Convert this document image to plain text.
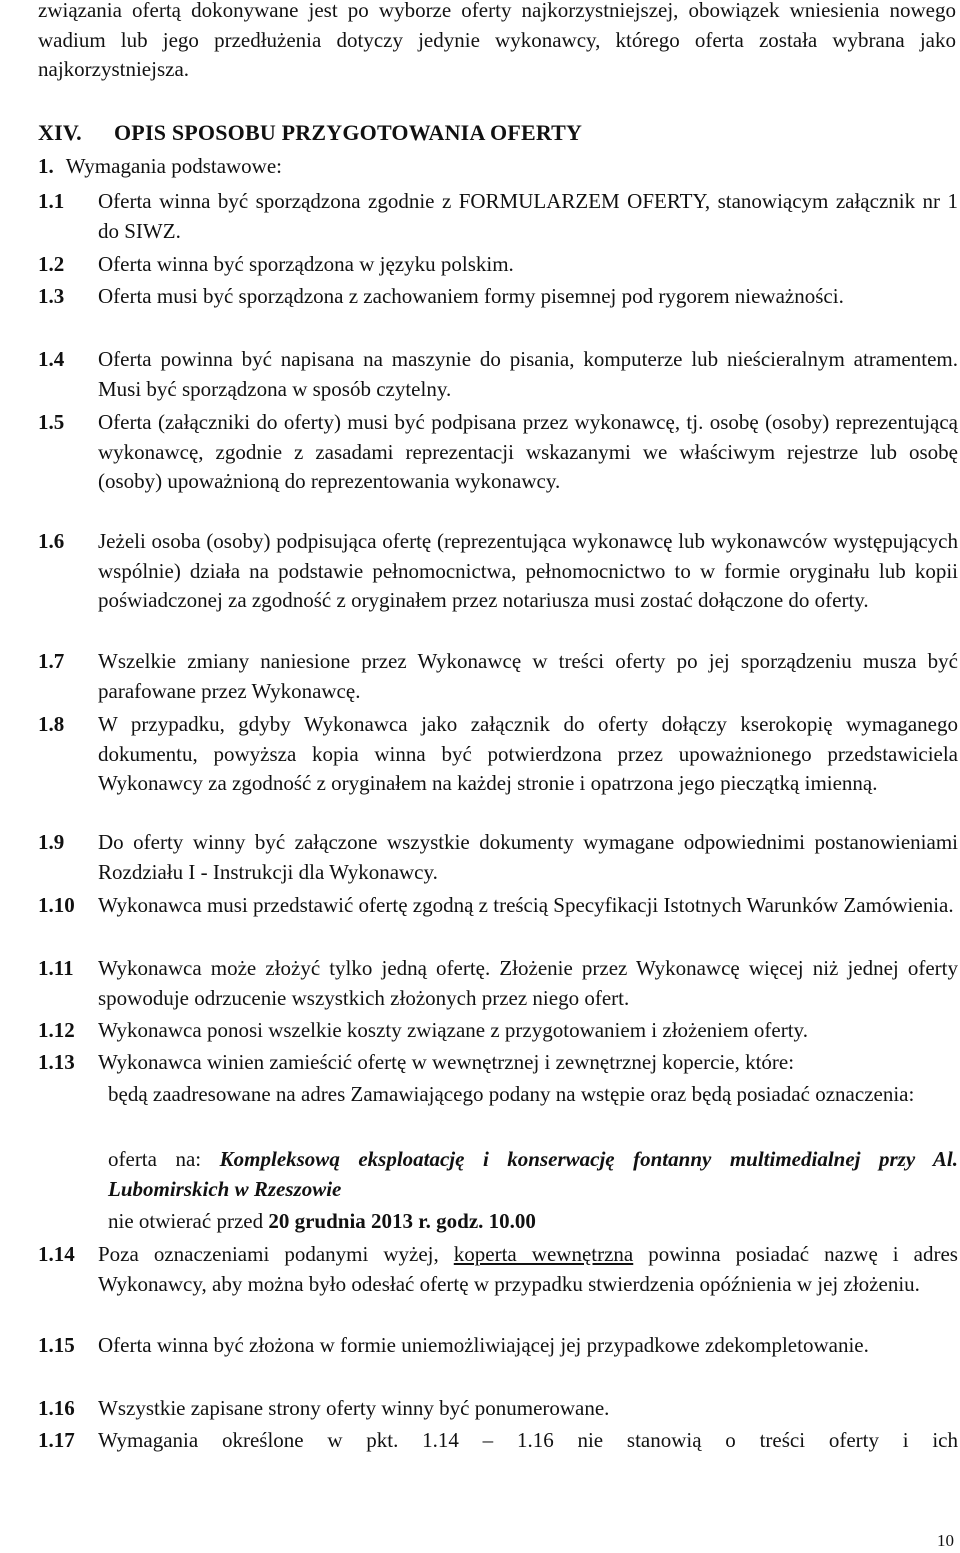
związania ofertą dokonywane jest po wyborze oferty najkorzystniejszej, obowiązek wniesienia nowego wadium lub jego przedłużenia dotyczy jedynie wykonawcy, którego oferta została wybrana jako najkorzystniejsza.
XIV. OPIS SPOSOBU PRZYGOTOWANIA OFERTY
1. Wymagania podstawowe:
1.1 Oferta winna być sporządzona zgodnie z FORMULARZEM OFERTY, stanowiącym załącznik nr 1 do SIWZ.
1.2 Oferta winna być sporządzona w języku polskim.
1.3 Oferta musi być sporządzona z zachowaniem formy pisemnej pod rygorem nieważności.
1.4 Oferta powinna być napisana na maszynie do pisania, komputerze lub nieścieralnym atramentem. Musi być sporządzona w sposób czytelny.
1.5 Oferta (załączniki do oferty) musi być podpisana przez wykonawcę, tj. osobę (osoby) reprezentującą wykonawcę, zgodnie z zasadami reprezentacji wskazanymi we właściwym rejestrze lub osobę (osoby) upoważnioną do reprezentowania wykonawcy.
1.6 Jeżeli osoba (osoby) podpisująca ofertę (reprezentująca wykonawcę lub wykonawców występujących wspólnie) działa na podstawie pełnomocnictwa, pełnomocnictwo to w formie oryginału lub kopii poświadczonej za zgodność z oryginałem przez notariusza musi zostać dołączone do oferty.
1.7 Wszelkie zmiany naniesione przez Wykonawcę w treści oferty po jej sporządzeniu musza być parafowane przez Wykonawcę.
1.8 W przypadku, gdyby Wykonawca jako załącznik do oferty dołączy kserokopię wymaganego dokumentu, powyższa kopia winna być potwierdzona przez upoważnionego przedstawiciela Wykonawcy za zgodność z oryginałem na każdej stronie i opatrzona jego pieczątką imienną.
1.9 Do oferty winny być załączone wszystkie dokumenty wymagane odpowiednimi postanowieniami Rozdziału I - Instrukcji dla Wykonawcy.
1.10 Wykonawca musi przedstawić ofertę zgodną z treścią Specyfikacji Istotnych Warunków Zamówienia.
1.11 Wykonawca może złożyć tylko jedną ofertę. Złożenie przez Wykonawcę więcej niż jednej oferty spowoduje odrzucenie wszystkich złożonych przez niego ofert.
1.12 Wykonawca ponosi wszelkie koszty związane z przygotowaniem i złożeniem oferty.
1.13 Wykonawca winien zamieścić ofertę w wewnętrznej i zewnętrznej kopercie, które:
będą zaadresowane na adres Zamawiającego podany na wstępie oraz będą posiadać oznaczenia:
oferta na: Kompleksową eksploatację i konserwację fontanny multimedialnej przy Al. Lubomirskich w Rzeszowie
nie otwierać przed 20 grudnia 2013 r. godz. 10.00
1.14 Poza oznaczeniami podanymi wyżej, koperta wewnętrzna powinna posiadać nazwę i adres Wykonawcy, aby można było odesłać ofertę w przypadku stwierdzenia opóźnienia w jej złożeniu.
1.15 Oferta winna być złożona w formie uniemożliwiającej jej przypadkowe zdekompletowanie.
1.16 Wszystkie zapisane strony oferty winny być ponumerowane.
1.17 Wymagania określone w pkt. 1.14 – 1.16 nie stanowią o treści oferty i ich
10
